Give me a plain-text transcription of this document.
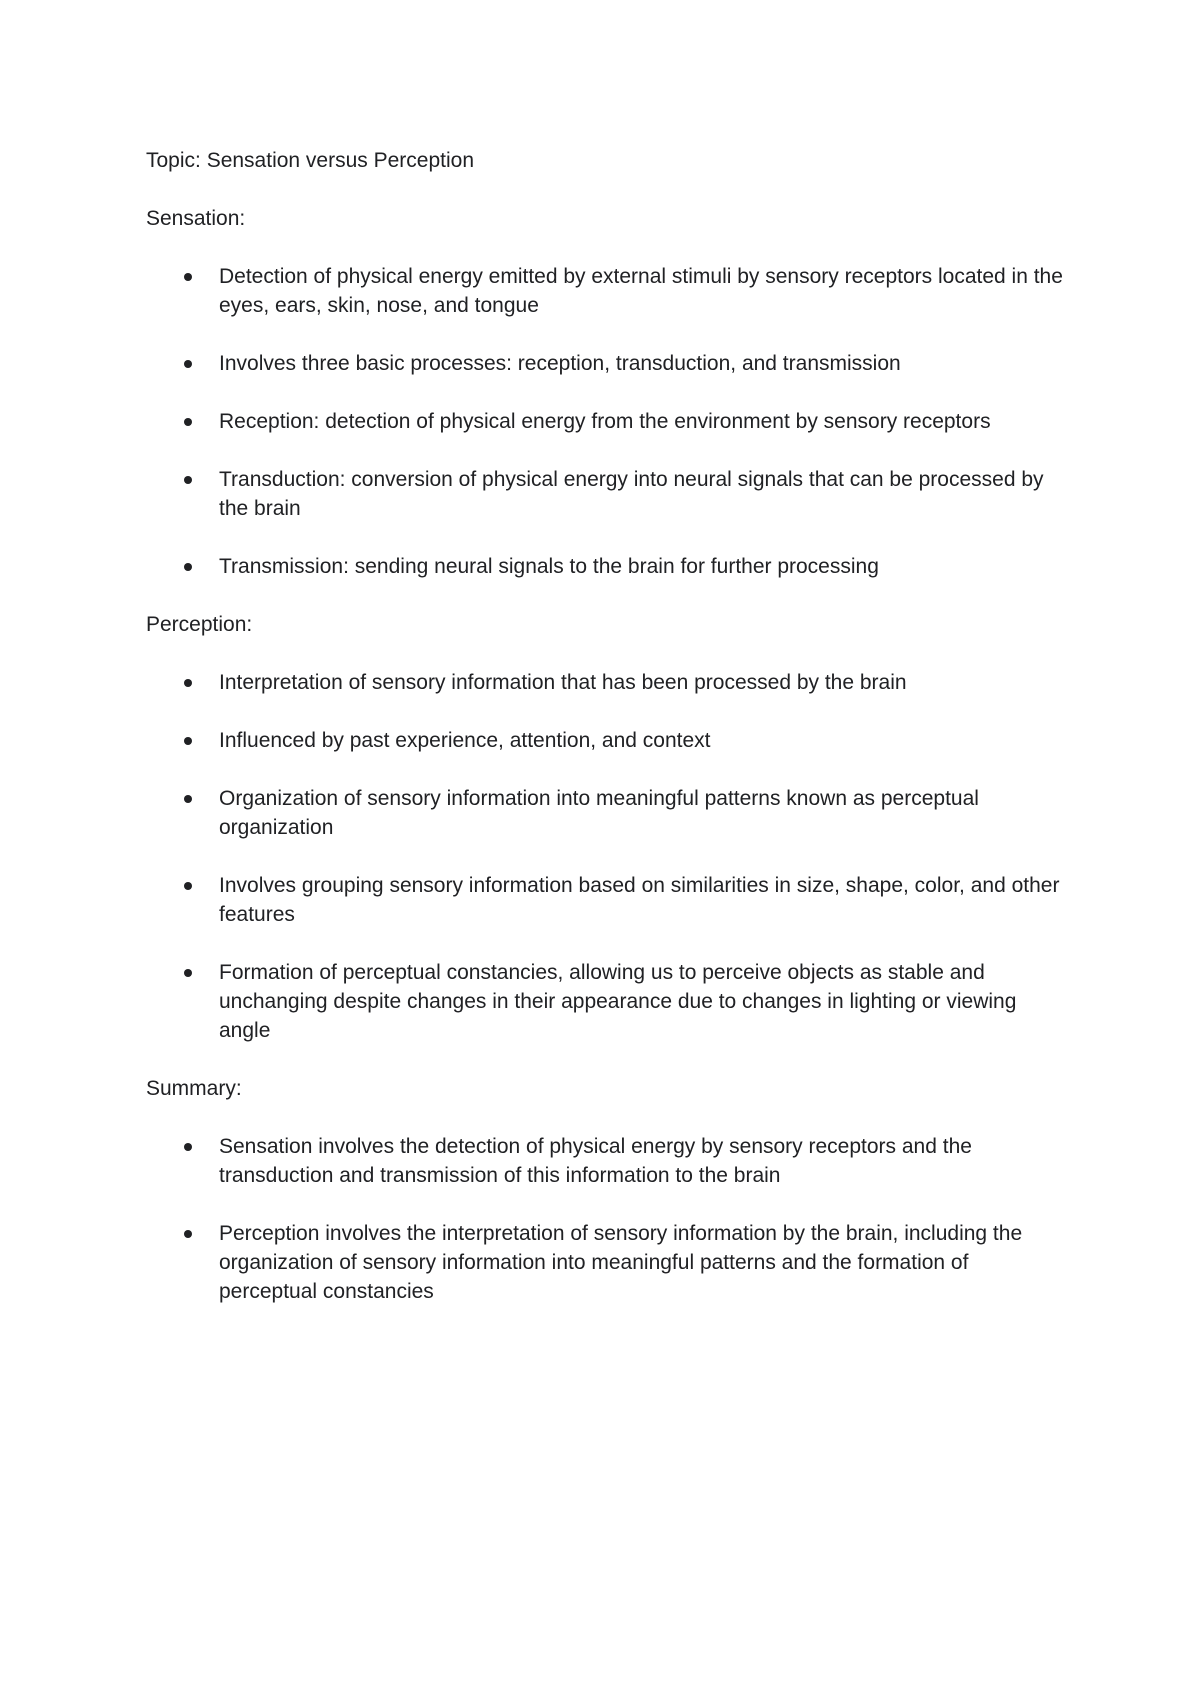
Topic: Sensation versus Perception

Sensation:

Detection of physical energy emitted by external stimuli by sensory receptors located in the eyes, ears, skin, nose, and tongue
Involves three basic processes: reception, transduction, and transmission
Reception: detection of physical energy from the environment by sensory receptors
Transduction: conversion of physical energy into neural signals that can be processed by the brain
Transmission: sending neural signals to the brain for further processing

Perception:

Interpretation of sensory information that has been processed by the brain
Influenced by past experience, attention, and context
Organization of sensory information into meaningful patterns known as perceptual organization
Involves grouping sensory information based on similarities in size, shape, color, and other features
Formation of perceptual constancies, allowing us to perceive objects as stable and unchanging despite changes in their appearance due to changes in lighting or viewing angle

Summary:

Sensation involves the detection of physical energy by sensory receptors and the transduction and transmission of this information to the brain
Perception involves the interpretation of sensory information by the brain, including the organization of sensory information into meaningful patterns and the formation of perceptual constancies
